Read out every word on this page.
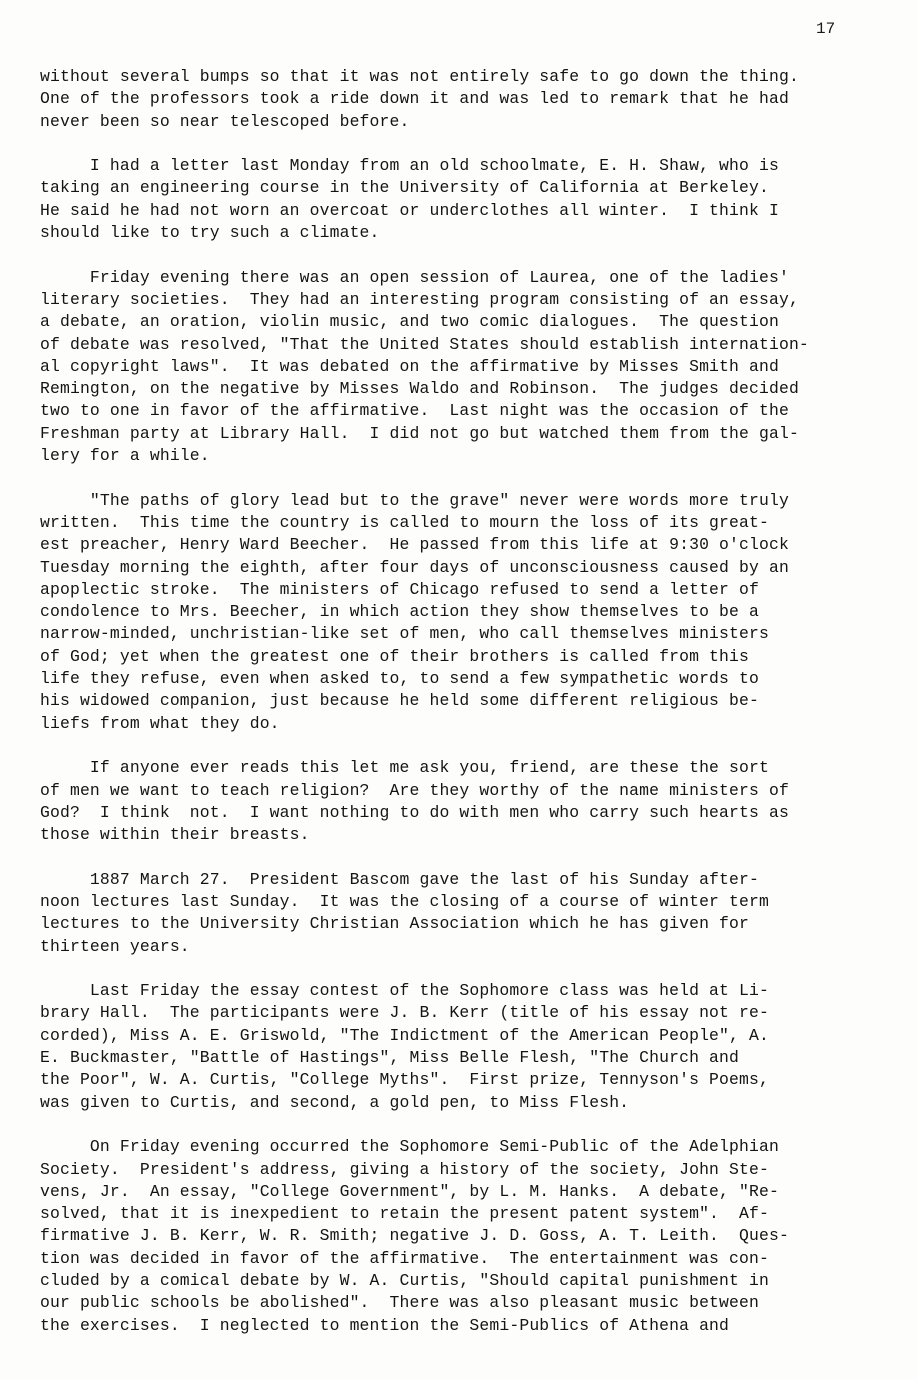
17
without several bumps so that it was not entirely safe to go down the thing.
One of the professors took a ride down it and was led to remark that he had
never been so near telescoped before.
I had a letter last Monday from an old schoolmate, E. H. Shaw, who is
taking an engineering course in the University of California at Berkeley.
He said he had not worn an overcoat or underclothes all winter.  I think I
should like to try such a climate.
Friday evening there was an open session of Laurea, one of the ladies'
literary societies.  They had an interesting program consisting of an essay,
a debate, an oration, violin music, and two comic dialogues.  The question
of debate was resolved, "That the United States should establish internation-
al copyright laws".  It was debated on the affirmative by Misses Smith and
Remington, on the negative by Misses Waldo and Robinson.  The judges decided
two to one in favor of the affirmative.  Last night was the occasion of the
Freshman party at Library Hall.  I did not go but watched them from the gal-
lery for a while.
"The paths of glory lead but to the grave" never were words more truly
written.  This time the country is called to mourn the loss of its great-
est preacher, Henry Ward Beecher.  He passed from this life at 9:30 o'clock
Tuesday morning the eighth, after four days of unconsciousness caused by an
apoplectic stroke.  The ministers of Chicago refused to send a letter of
condolence to Mrs. Beecher, in which action they show themselves to be a
narrow-minded, unchristian-like set of men, who call themselves ministers
of God; yet when the greatest one of their brothers is called from this
life they refuse, even when asked to, to send a few sympathetic words to
his widowed companion, just because he held some different religious be-
liefs from what they do.
If anyone ever reads this let me ask you, friend, are these the sort
of men we want to teach religion?  Are they worthy of the name ministers of
God?  I think  not.  I want nothing to do with men who carry such hearts as
those within their breasts.
1887 March 27.  President Bascom gave the last of his Sunday after-
noon lectures last Sunday.  It was the closing of a course of winter term
lectures to the University Christian Association which he has given for
thirteen years.
Last Friday the essay contest of the Sophomore class was held at Li-
brary Hall.  The participants were J. B. Kerr (title of his essay not re-
corded), Miss A. E. Griswold, "The Indictment of the American People", A.
E. Buckmaster, "Battle of Hastings", Miss Belle Flesh, "The Church and
the Poor", W. A. Curtis, "College Myths".  First prize, Tennyson's Poems,
was given to Curtis, and second, a gold pen, to Miss Flesh.
On Friday evening occurred the Sophomore Semi-Public of the Adelphian
Society.  President's address, giving a history of the society, John Ste-
vens, Jr.  An essay, "College Government", by L. M. Hanks.  A debate, "Re-
solved, that it is inexpedient to retain the present patent system".  Af-
firmative J. B. Kerr, W. R. Smith; negative J. D. Goss, A. T. Leith.  Ques-
tion was decided in favor of the affirmative.  The entertainment was con-
cluded by a comical debate by W. A. Curtis, "Should capital punishment in
our public schools be abolished".  There was also pleasant music between
the exercises.  I neglected to mention the Semi-Publics of Athena and
